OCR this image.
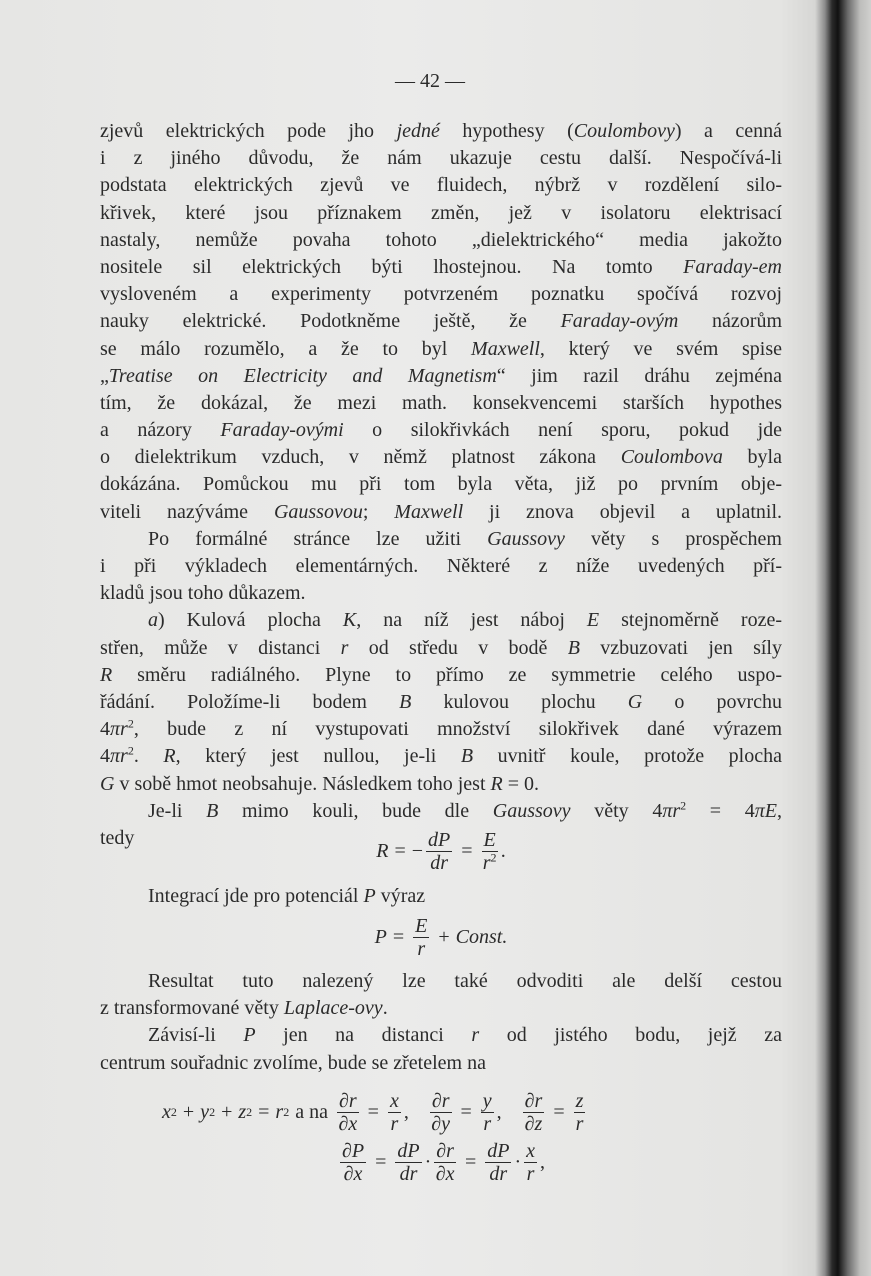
— 42 —
zjevů elektrických pode jho jedné hypothesy (Coulombovy) a cenná
i z jiného důvodu, že nám ukazuje cestu další. Nespočívá-li
podstata elektrických zjevů ve fluidech, nýbrž v rozdělení silo-
křivek, které jsou příznakem změn, jež v isolatoru elektrisací
nastaly, nemůže povaha tohoto „dielektrického“ media jakožto
nositele sil elektrických býti lhostejnou. Na tomto Faraday-em
vysloveném a experimenty potvrzeném poznatku spočívá rozvoj
nauky elektrické. Podotkněme ještě, že Faraday-ovým názorům
se málo rozumělo, a že to byl Maxwell, který ve svém spise
„Treatise on Electricity and Magnetism“ jim razil dráhu zejména
tím, že dokázal, že mezi math. konsekvencemi starších hypothes
a názory Faraday-ovými o silokřivkách není sporu, pokud jde
o dielektrikum vzduch, v němž platnost zákona Coulombova byla
dokázána. Pomůckou mu při tom byla věta, již po prvním obje-
viteli nazýváme Gaussovou; Maxwell ji znova objevil a uplatnil.
Po formálné stránce lze užiti Gaussovy věty s prospěchem
i při výkladech elementárných. Některé z níže uvedených pří-
kladů jsou toho důkazem.
a) Kulová plocha K, na níž jest náboj E stejnoměrně roze-
střen, může v distanci r od středu v bodě B vzbuzovati jen síly
R směru radiálného. Plyne to přímo ze symmetrie celého uspo-
řádání. Položíme-li bodem B kulovou plochu G o povrchu
$4\pi r^2$, bude z ní vystupovati množství silokřivek dané výrazem
$4\pi r^2$. R, který jest nullou, je-li B uvnitř koule, protože plocha
G v sobě hmot neobsahuje. Následkem toho jest R = 0.
Je-li B mimo kouli, bude dle Gaussovy věty $4\pi r^2 = 4\pi E$,
tedy
R = − $\frac{dP}{dr} = \frac{E}{r^2}$ .
Integrací jde pro potenciál P výraz
$P = \frac{E}{r}$ + Const.
Resultat tuto nalezený lze také odvoditi ale delší cestou
z transformované věty Laplace-ovy.
Závisí-li P jen na distanci r od jistého bodu, jejž za
centrum souřadnic zvolíme, bude se zřetelem na
x 2 + y 2 + z 2 = r 2 a na $\frac{\partial r}{\partial x} = \frac{x}{r}$ , $\frac{\partial r}{\partial y} = \frac{y}{r}$ , $\frac{\partial r}{\partial z} = \frac{z}{r}$
$\frac{\partial P}{\partial x} = \frac{dP}{dr} \cdot \frac{\partial r}{\partial x} = \frac{dP}{dr} \cdot x$
r
,
